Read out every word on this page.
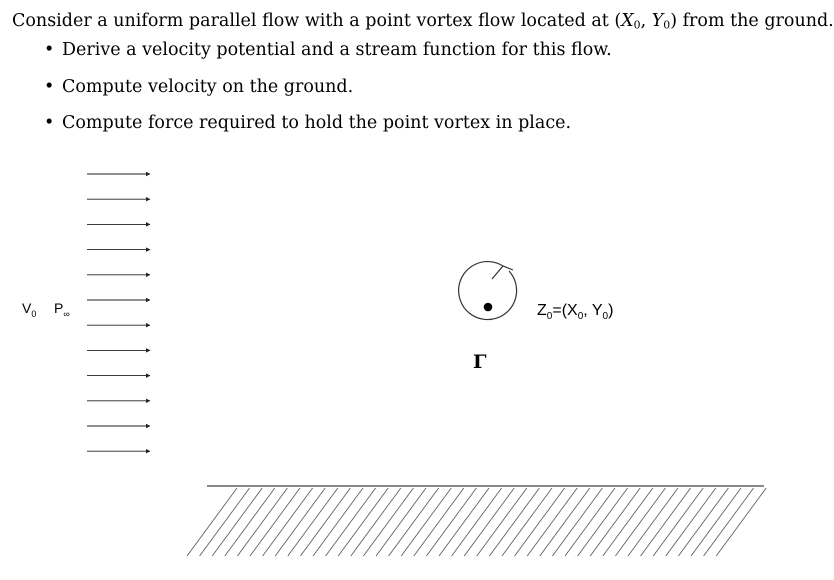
Consider a uniform parallel flow with a point vortex flow located at ($X_0$, $Y_0$) from the ground.

• Derive a velocity potential and a stream function for this flow.
• Compute velocity on the ground.
• Compute force required to hold the point vortex in place.
$V_0$ $P_\infty$	$Z_0=(X_0$, $Y_0$)
Γ
